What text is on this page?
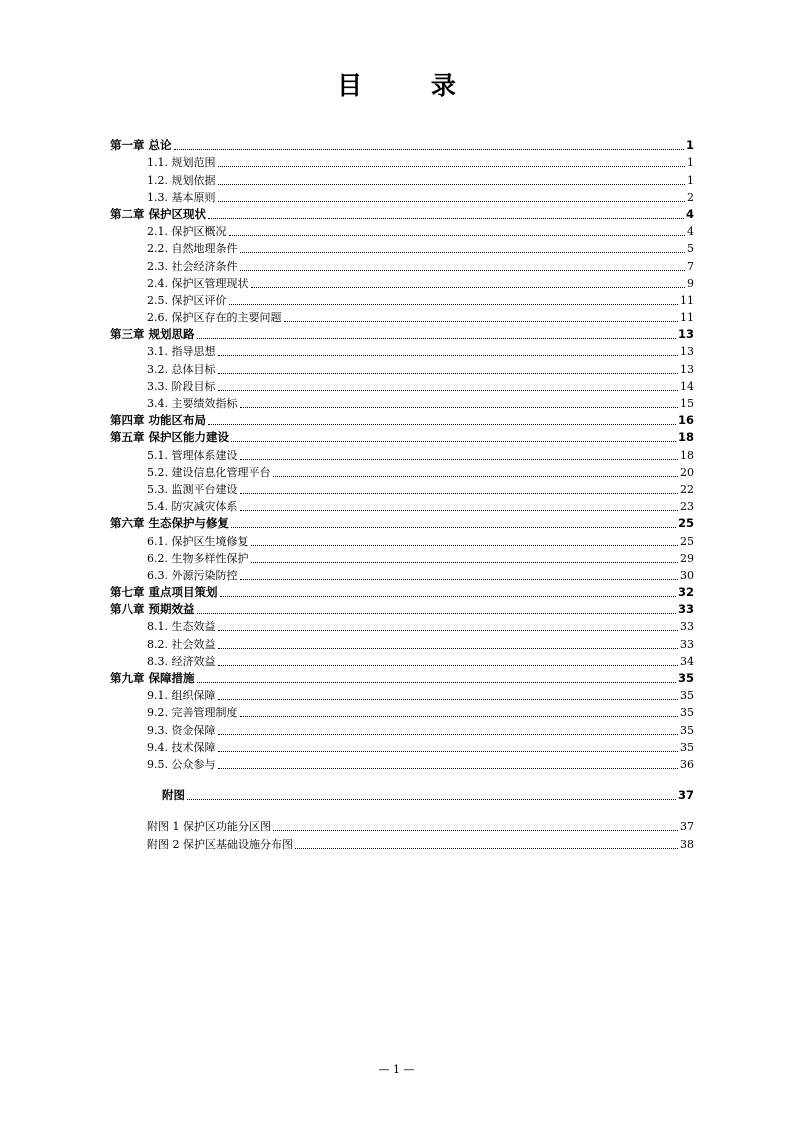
目 录
第一章 总论	1
1.1. 规划范围	1
1.2. 规划依据	1
1.3. 基本原则	2
第二章 保护区现状	4
2.1. 保护区概况	4
2.2. 自然地理条件	5
2.3. 社会经济条件	7
2.4. 保护区管理现状	9
2.5. 保护区评价	11
2.6. 保护区存在的主要问题	11
第三章 规划思路	13
3.1. 指导思想	13
3.2. 总体目标	13
3.3. 阶段目标	14
3.4. 主要绩效指标	15
第四章 功能区布局	16
第五章 保护区能力建设	18
5.1. 管理体系建设	18
5.2. 建设信息化管理平台	20
5.3. 监测平台建设	22
5.4. 防灾减灾体系	23
第六章 生态保护与修复	25
6.1. 保护区生境修复	25
6.2. 生物多样性保护	29
6.3. 外源污染防控	30
第七章 重点项目策划	32
第八章 预期效益	33
8.1. 生态效益	33
8.2. 社会效益	33
8.3. 经济效益	34
第九章 保障措施	35
9.1. 组织保障	35
9.2. 完善管理制度	35
9.3. 资金保障	35
9.4. 技术保障	35
9.5. 公众参与	36
附图	37
附图 1 保护区功能分区图	37
附图 2 保护区基础设施分布图	38
— 1 —
